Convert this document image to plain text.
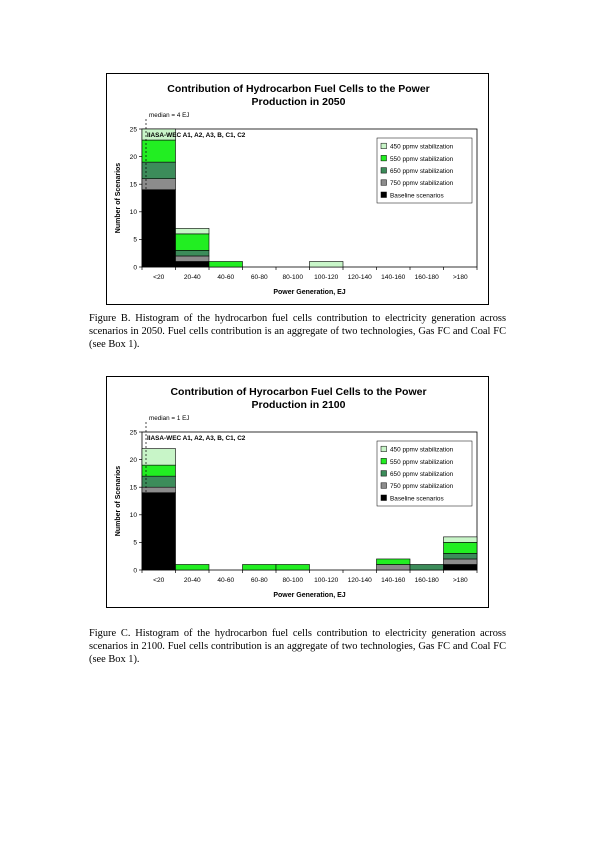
Contribution of Hydrocarbon Fuel Cells to the Power
Production in 2050
0
5
10
15
20
25
Number of Scenarios
<20	20-40	40-60	60-80 80-100 100-120 120-140 140-160 160-180 >180
Power Generation, EJ
median = 4 EJ
IIASA-WEC A1, A2, A3, B, C1, C2
450 ppmv stabilization
550 ppmv stabilization
650 ppmv stabilization
750 ppmv stabilization
Baseline scenarios
Figure B. Histogram of the hydrocarbon fuel cells contribution to electricity generation across scenarios in 2050. Fuel cells contribution is an aggregate of two technologies, Gas FC and Coal FC (see Box 1).
Contribution of Hyrocarbon Fuel Cells to the Power
Production in 2100
0
5
10
15
20
25
Number of Scenarios
<20	20-40	40-60	60-80 80-100 100-120 120-140 140-160 160-180 >180
Power Generation, EJ
median = 1 EJ
IIASA-WEC A1, A2, A3, B, C1, C2
450 ppmv stabilization
550 ppmv stabilization
650 ppmv stabilization
750 ppmv stabilization
Baseline scenarios
Figure C. Histogram of the hydrocarbon fuel cells contribution to electricity generation across scenarios in 2100. Fuel cells contribution is an aggregate of two technologies, Gas FC and Coal FC (see Box 1).
